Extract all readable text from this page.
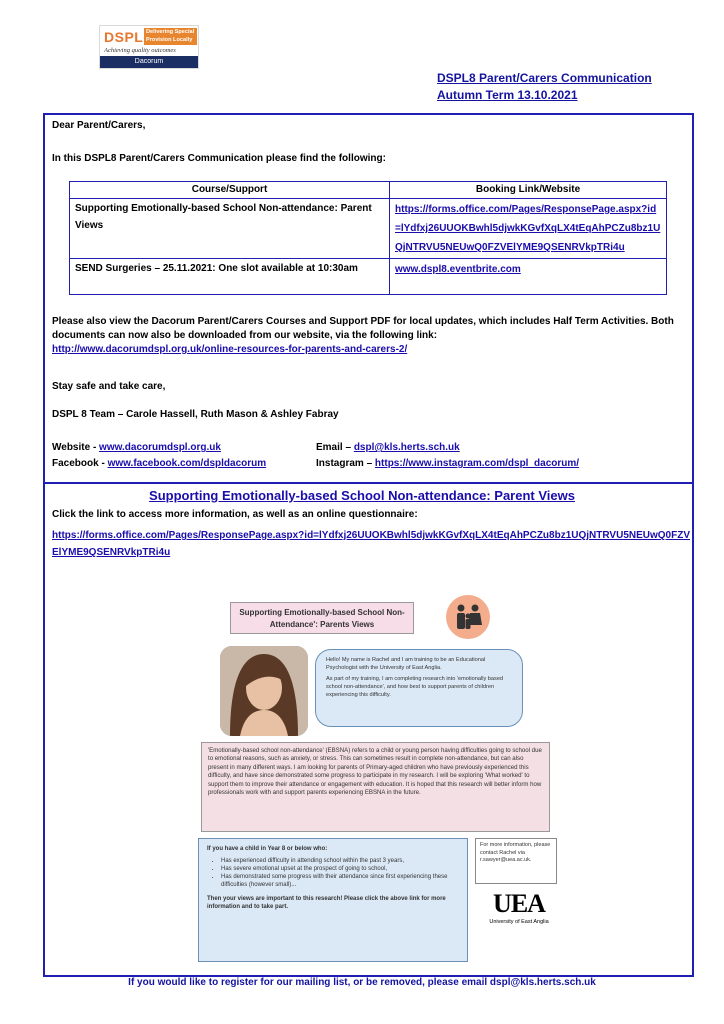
DSPL Delivering Special Provision Locally
Achieving quality outcomes
Dacorum
DSPL8 Parent/Carers Communication
Autumn Term 13.10.2021
Dear Parent/Carers,
In this DSPL8 Parent/Carers Communication please find the following:
Course/Support	Booking Link/Website
Supporting Emotionally-based School Non-attendance: Parent Views	https://forms.office.com/Pages/ResponsePage.aspx?id=lYdfxj26UUOKBwhl5djwkKGvfXqLX4tEqAhPCZu8bz1UQjNTRVU5NEUwQ0FZVElYME9QSENRVkpTRi4u
SEND Surgeries – 25.11.2021: One slot available at 10:30am	www.dspl8.eventbrite.com
Please also view the Dacorum Parent/Carers Courses and Support PDF for local updates, which includes Half Term Activities. Both documents can now also be downloaded from our website, via the following link:
http://www.dacorumdspl.org.uk/online-resources-for-parents-and-carers-2/
Stay safe and take care,
DSPL 8 Team – Carole Hassell, Ruth Mason & Ashley Fabray
Website - www.dacorumdspl.org.uk	Email – dspl@kls.herts.sch.uk
Facebook - www.facebook.com/dspldacorum	Instagram – https://www.instagram.com/dspl_dacorum/
Supporting Emotionally-based School Non-attendance: Parent Views
Click the link to access more information, as well as an online questionnaire:
https://forms.office.com/Pages/ResponsePage.aspx?id=lYdfxj26UUOKBwhl5djwkKGvfXqLX4tEqAhPCZu8bz1UQjNTRVU5NEUwQ0FZVElYME9QSENRVkpTRi4u
Supporting Emotionally-based School Non-Attendance': Parents Views

Hello! My name is Rachel and I am training to be an Educational Psychologist with the University of East Anglia.

As part of my training, I am completing research into 'emotionally based school non-attendance', and how best to support parents of children experiencing this difficulty.

'Emotionally-based school non-attendance' (EBSNA) refers to a child or young person having difficulties going to school due to emotional reasons, such as anxiety, or stress. This can sometimes result in complete non-attendance, but can also present in many different ways. I am looking for parents of Primary-aged children who have previously experienced this difficulty, and have since demonstrated some progress to participate in my research. I will be exploring 'What worked' to support them to improve their attendance or engagement with education. It is hoped that this research will better inform how professionals work with and support parents experiencing EBSNA in the future.
If you have a child in Year 8 or below who:
• Has experienced difficulty in attending school within the past 3 years,
• Has severe emotional upset at the prospect of going to school,
• Has demonstrated some progress with their attendance since first experiencing these difficulties (however small)...
Then your views are important to this research! Please click the above link for more information and to take part.
For more information, please contact Rachel via r.sawyer@uea.ac.uk.
UEA
University of East Anglia
If you would like to register for our mailing list, or be removed, please email dspl@kls.herts.sch.uk
